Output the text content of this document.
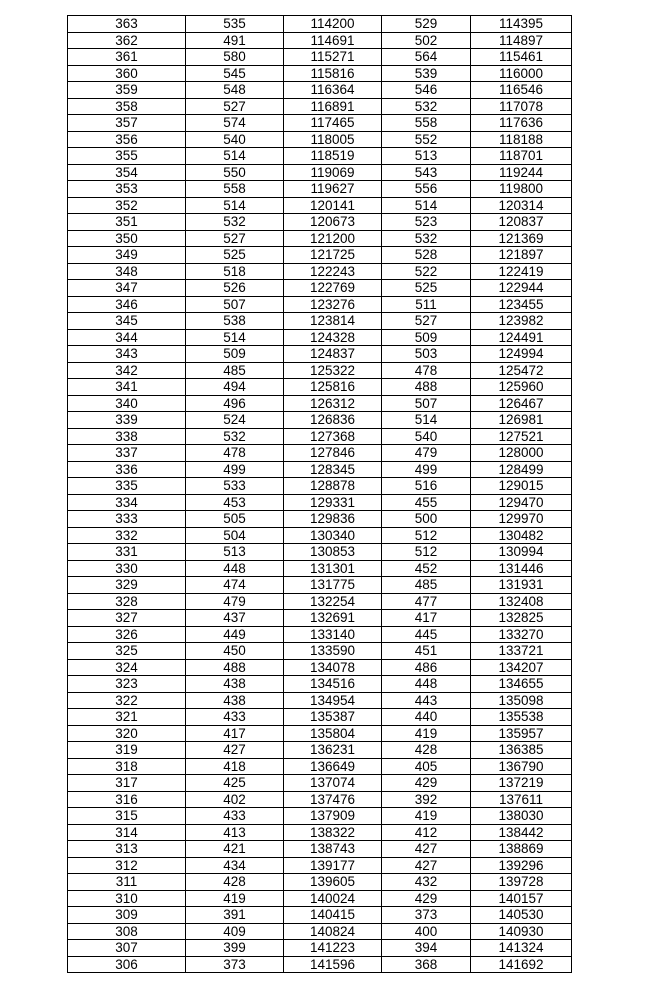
363	535	114200	529	114395
362	491	114691	502	114897
361	580	115271	564	115461
360	545	115816	539	116000
359	548	116364	546	116546
358	527	116891	532	117078
357	574	117465	558	117636
356	540	118005	552	118188
355	514	118519	513	118701
354	550	119069	543	119244
353	558	119627	556	119800
352	514	120141	514	120314
351	532	120673	523	120837
350	527	121200	532	121369
349	525	121725	528	121897
348	518	122243	522	122419
347	526	122769	525	122944
346	507	123276	511	123455
345	538	123814	527	123982
344	514	124328	509	124491
343	509	124837	503	124994
342	485	125322	478	125472
341	494	125816	488	125960
340	496	126312	507	126467
339	524	126836	514	126981
338	532	127368	540	127521
337	478	127846	479	128000
336	499	128345	499	128499
335	533	128878	516	129015
334	453	129331	455	129470
333	505	129836	500	129970
332	504	130340	512	130482
331	513	130853	512	130994
330	448	131301	452	131446
329	474	131775	485	131931
328	479	132254	477	132408
327	437	132691	417	132825
326	449	133140	445	133270
325	450	133590	451	133721
324	488	134078	486	134207
323	438	134516	448	134655
322	438	134954	443	135098
321	433	135387	440	135538
320	417	135804	419	135957
319	427	136231	428	136385
318	418	136649	405	136790
317	425	137074	429	137219
316	402	137476	392	137611
315	433	137909	419	138030
314	413	138322	412	138442
313	421	138743	427	138869
312	434	139177	427	139296
311	428	139605	432	139728
310	419	140024	429	140157
309	391	140415	373	140530
308	409	140824	400	140930
307	399	141223	394	141324
306	373	141596	368	141692
